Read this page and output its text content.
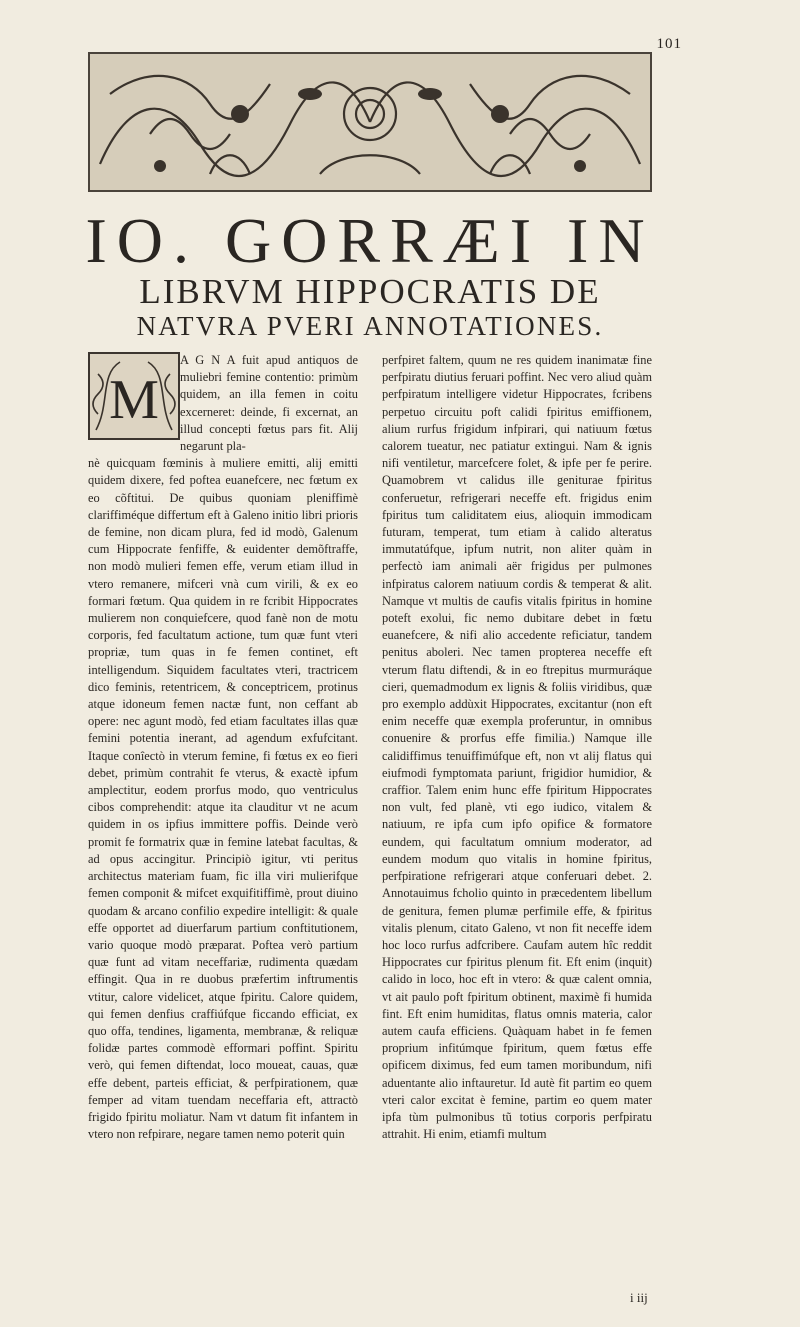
101
IO. GORRÆI IN
LIBRVM HIPPOCRATIS DE
NATVRA PVERI ANNOTATIONES.
M

A G N A fuit apud antiquos de muliebri femine contentio: primùm quidem, an illa femen in coitu excerneret: deinde, fi excernat, an illud concepti fœtus pars fit. Alij negarunt pla-

nè quicquam fœminis à muliere emitti, alij emitti quidem dixere, fed poftea euanefcere, nec fœtum ex eo cõftitui. De quibus quoniam pleniffimè clariffiméque differtum eft à Galeno initio libri prioris de femine, non dicam plura, fed id modò, Galenum cum Hippocrate fenfiffe, & euidenter demõftraffe, non modò mulieri femen effe, verum etiam illud in vtero remanere, mifceri vnà cum virili, & ex eo formari fœtum. Qua quidem in re fcribit Hippocrates mulierem non conquiefcere, quod fanè non de motu corporis, fed facultatum actione, tum quæ funt vteri propriæ, tum quas in fe femen continet, eft intelligendum. Siquidem facultates vteri, tractricem dico feminis, retentricem, & conceptricem, protinus atque idoneum femen nactæ funt, non ceffant ab opere: nec agunt modò, fed etiam facultates illas quæ femini potentia inerant, ad agendum exfufcitant. Itaque conîectò in vterum femine, fi fœtus ex eo fieri debet, primùm contrahit fe vterus, & exactè ipfum amplectitur, eodem prorfus modo, quo ventriculus cibos comprehendit: atque ita clauditur vt ne acum quidem in os ipfius immittere poffis. Deinde verò promit fe formatrix quæ in femine latebat facultas, & ad opus accingitur. Principiò igitur, vti peritus architectus materiam fuam, fic illa viri mulierifque femen componit & mifcet exquifitiffimè, prout diuino quodam & arcano confilio expedire intelligit: & quale effe opportet ad diuerfarum partium conftitutionem, vario quoque modò præparat. Poftea verò partium quæ funt ad vitam neceffariæ, rudimenta quædam effingit. Qua in re duobus præfertim inftrumentis vtitur, calore videlicet, atque fpiritu. Calore quidem, qui femen denfius craffiúfque ficcando efficiat, ex quo offa, tendines, ligamenta, membranæ, & reliquæ folidæ partes commodè efformari poffint. Spiritu verò, qui femen diftendat, loco moueat, cauas, quæ effe debent, parteis efficiat, & perfpirationem, quæ femper ad vitam tuendam neceffaria eft, attractò frigido fpiritu moliatur. Nam vt datum fit infantem in vtero non refpirare, negare tamen nemo poterit quin

perfpiret faltem, quum ne res quidem inanimatæ fine perfpiratu diutius feruari poffint. Nec vero aliud quàm perfpiratum intelligere videtur Hippocrates, fcribens perpetuo circuitu poft calidi fpiritus emiffionem, alium rurfus frigidum infpirari, qui natiuum fœtus calorem tueatur, nec patiatur extingui. Nam & ignis nifi ventiletur, marcefcere folet, & ipfe per fe perire. Quamobrem vt calidus ille geniturae fpiritus conferuetur, refrigerari neceffe eft. frigidus enim fpiritus tum caliditatem eius, alioquin immodicam futuram, temperat, tum etiam à calido alteratus immutatúfque, ipfum nutrit, non aliter quàm in perfectò iam animali aër frigidus per pulmones infpiratus calorem natiuum cordis & temperat & alit. Namque vt multis de caufis vitalis fpiritus in homine poteft exolui, fic nemo dubitare debet in fœtu euanefcere, & nifi alio accedente reficiatur, tandem penitus aboleri. Nec tamen propterea neceffe eft vterum flatu diftendi, & in eo ftrepitus murmuráque cieri, quemadmodum ex lignis & foliis viridibus, quæ pro exemplo addùxit Hippocrates, excitantur (non eft enim neceffe quæ exempla proferuntur, in omnibus conuenire & prorfus effe fimilia.) Namque ille calidiffimus tenuiffimúfque eft, non vt alij flatus qui eiufmodi fymptomata pariunt, frigidior humidior, & craffior. Talem enim hunc effe fpiritum Hippocrates non vult, fed planè, vti ego iudico, vitalem & natiuum, re ipfa cum ipfo opifice & formatore eundem, qui facultatum omnium moderator, ad eundem modum quo vitalis in homine fpiritus, perfpiratione refrigerari atque conferuari debet. 2. Annotauimus fcholio quinto in præcedentem libellum de genitura, femen plumæ perfimile effe, & fpiritus vitalis plenum, citato Galeno, vt non fit neceffe idem hoc loco rurfus adfcribere. Caufam autem hîc reddit Hippocrates cur fpiritus plenum fit. Eft enim (inquit) calido in loco, hoc eft in vtero: & quæ calent omnia, vt ait paulo poft fpiritum obtinent, maximè fi humida fint. Eft enim humiditas, flatus omnis materia, calor autem caufa efficiens. Quàquam habet in fe femen proprium infitúmque fpiritum, quem fœtus effe opificem diximus, fed eum tamen moribundum, nifi aduentante alio inftauretur. Id autè fit partim eo quem vteri calor excitat è femine, partim eo quem mater ipfa tùm pulmonibus tũ totius corporis perfpiratu attrahit. Hi enim, etiamfi multum

i iij
